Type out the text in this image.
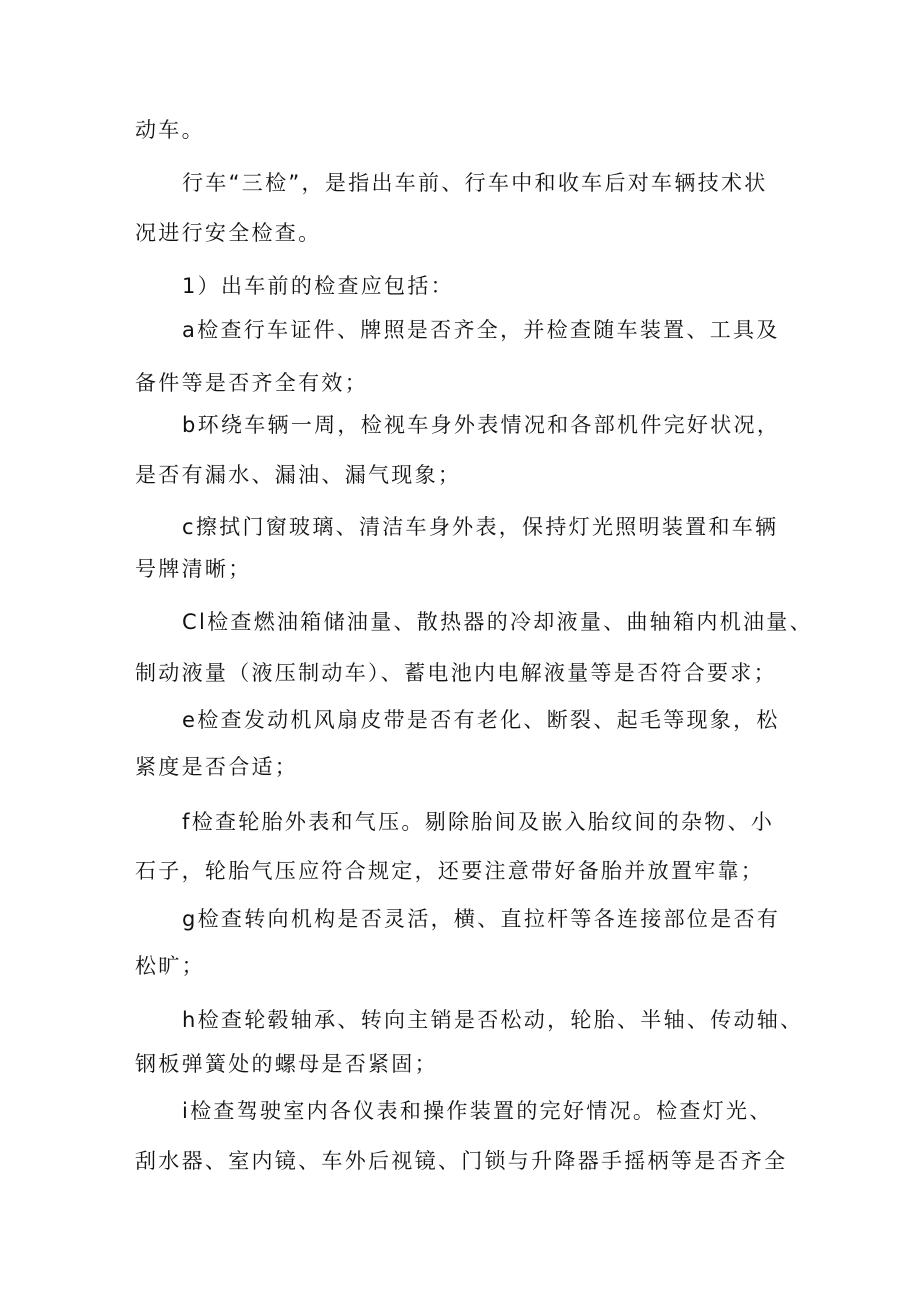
动车。
行车“三检”，是指出车前、行车中和收车后对车辆技术状
况进行安全检查。
1）出车前的检查应包括：
a检查行车证件、牌照是否齐全，并检查随车装置、工具及
备件等是否齐全有效；
b环绕车辆一周，检视车身外表情况和各部机件完好状况，
是否有漏水、漏油、漏气现象；
c擦拭门窗玻璃、清洁车身外表，保持灯光照明装置和车辆
号牌清晰；
Cl检查燃油箱储油量、散热器的冷却液量、曲轴箱内机油量、
制动液量（液压制动车）、蓄电池内电解液量等是否符合要求；
e检查发动机风扇皮带是否有老化、断裂、起毛等现象，松
紧度是否合适；
f检查轮胎外表和气压。剔除胎间及嵌入胎纹间的杂物、小
石子，轮胎气压应符合规定，还要注意带好备胎并放置牢靠；
g检查转向机构是否灵活，横、直拉杆等各连接部位是否有
松旷；
h检查轮毂轴承、转向主销是否松动，轮胎、半轴、传动轴、
钢板弹簧处的螺母是否紧固；
i检查驾驶室内各仪表和操作装置的完好情况。检查灯光、
刮水器、室内镜、车外后视镜、门锁与升降器手摇柄等是否齐全
